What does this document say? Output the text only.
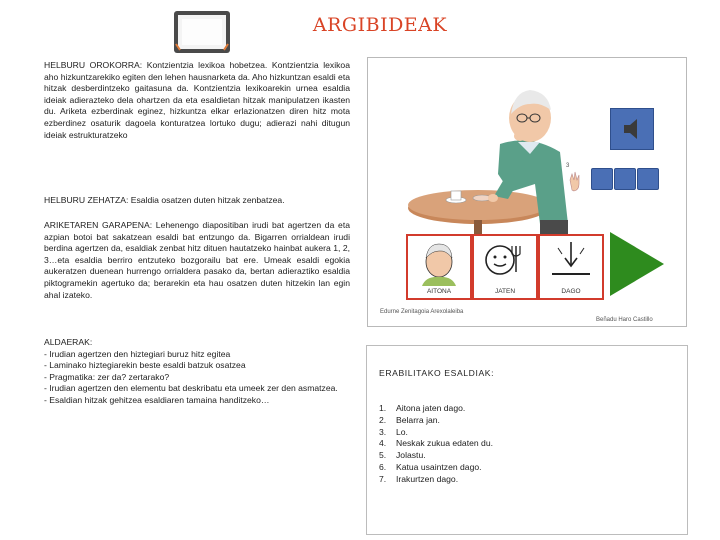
ARGIBIDEAK
HELBURU OROKORRA: Kontzientzia lexikoa hobetzea. Kontzientzia lexikoa aho hizkuntzarekiko egiten den lehen hausnarketa da. Aho hizkuntzan esaldi eta hitzak desberdintzeko gaitasuna da. Kontzientzia lexikoarekin urnea esaldia ideiak adierazteko dela ohartzen da eta esaldietan hitzak manipulatzen ikasten du. Ariketa ezberdinak eginez, hizkuntza elkar erlazionatzen diren hitz mota ezberdinez osaturik dagoela konturatzea lortuko dugu; adierazi nahi ditugun ideiak estrukturatzeko
HELBURU ZEHATZA: Esaldia osatzen duten hitzak zenbatzea.
ARIKETAREN GARAPENA: Lehenengo diapositiban irudi bat agertzen da eta azpian botoi bat sakatzean esaldi bat entzungo da. Bigarren orrialdean irudi berdina agertzen da, esaldiak zenbat hitz dituen hautatzeko hainbat aukera 1, 2, 3…eta esaldia berriro entzuteko bozgorailu bat ere. Umeak esaldi egokia aukeratzen duenean hurrengo orrialdera pasako da, bertan adieraztiko esaldia piktogramekin agertuko da; berarekin eta hau osatzen duten hitzekin lan egin ahal izateko.
ALDAERAK:
- Irudian agertzen den hiztegiari buruz hitz egitea
- Laminako hiztegiarekin beste esaldi batzuk osatzea
- Pragmatika: zer da? zertarako?
- Irudian agertzen den elementu bat deskribatu eta umeek zer den asmatzea.
- Esaldian hitzak gehitzea esaldiaren tamaina handitzeko…
3
AITONA	JATEN	DAGO
Edurne Zenitagoia Arexolaleiba
Beñadu Haro Castillo
ERABILITAKO ESALDIAK:
1.	Aitona jaten dago.
2.	Belarra jan.
3.	Lo.
4.	Neskak zukua edaten du.
5.	Jolastu.
6.	Katua usaintzen dago.
7.	Irakurtzen dago.
